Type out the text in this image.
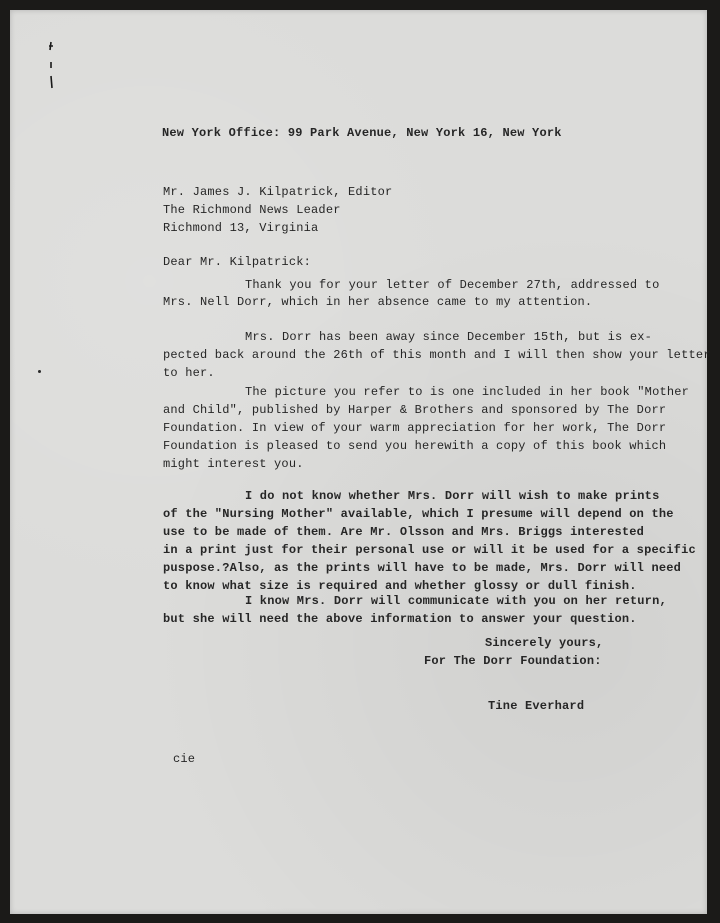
New York Office: 99 Park Avenue, New York 16, New York
Mr. James J. Kilpatrick, Editor
The Richmond News Leader
Richmond 13, Virginia
Dear Mr. Kilpatrick:
Thank you for your letter of December 27th, addressed to
Mrs. Nell Dorr, which in her absence came to my attention.
Mrs. Dorr has been away since December 15th, but is ex-
pected back around the 26th of this month and I will then show your letter
to her.
The picture you refer to is one included in her book "Mother
and Child", published by Harper & Brothers and sponsored by The Dorr
Foundation. In view of your warm appreciation for her work, The Dorr
Foundation is pleased to send you herewith a copy of this book which
might interest you.
I do not know whether Mrs. Dorr will wish to make prints
of the "Nursing Mother" available, which I presume will depend on the
use to be made of them. Are Mr. Olsson and Mrs. Briggs interested
in a print just for their personal use or will it be used for a specific
puspose.?Also, as the prints will have to be made, Mrs. Dorr will need
to know what size is required and whether glossy or dull finish.
I know Mrs. Dorr will communicate with you on her return,
but she will need the above information to answer your question.
Sincerely yours,
For The Dorr Foundation:
Tine Everhard
cie
